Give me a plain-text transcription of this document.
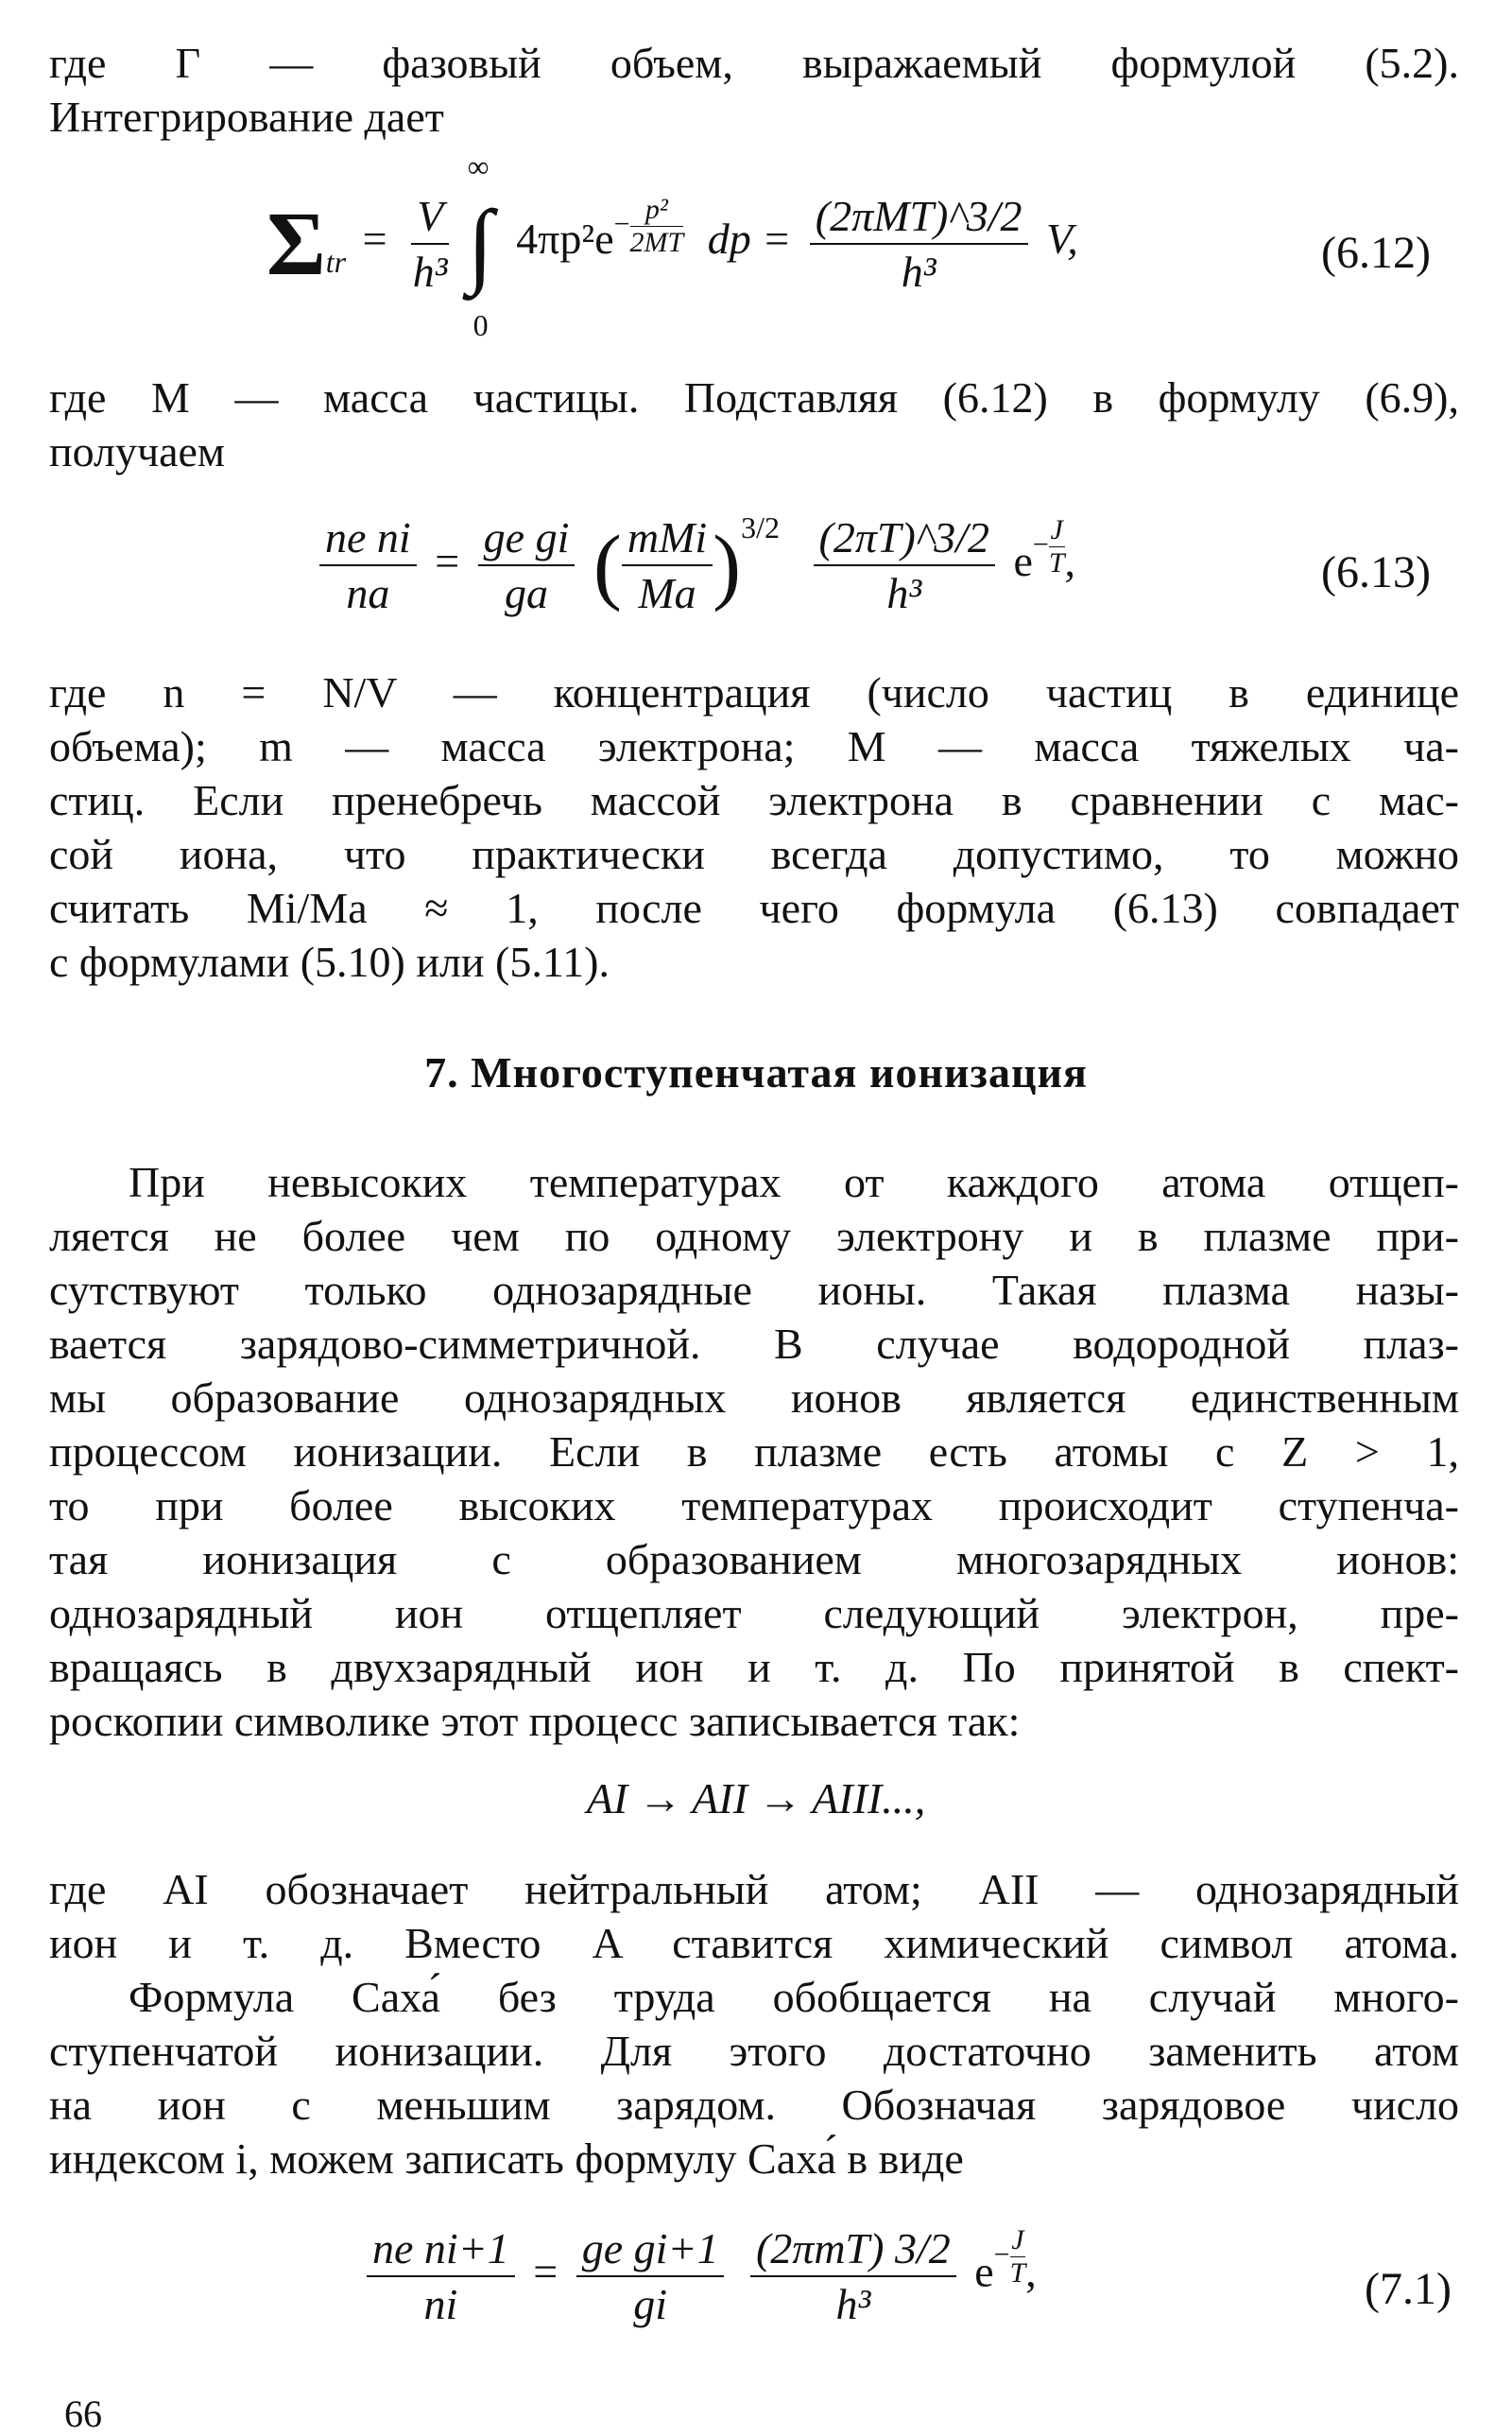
где Г — фазовый объем, выражаемый формулой (5.2).
Интегрирование дает
$\Sigma_{tr} = \frac{V}{\text{h³}}$ ∫
∞
0
$4\pi p^2e- \frac{\text{p²}}{2MT}$ dp = $\frac{\text{(2πMT)\textasciicircum{}3/2}}{\text{h³}} V$,	(6.12)
где M — масса частицы. Подставляя (6.12) в формулу (6.9),
получаем
$\frac{\text{ne ni}}{na} = \frac{\text{ge gi}}{ga}$ ( $\frac{\text{mMi}}{Ma} )^{3/2} \frac{(2\pi T)\^{}3/2}{\text{h³}} e- \frac{J}{T}$ ,	(6.13)
где n = N/V — концентрация (число частиц в единице
объема); m — масса электрона; M — масса тяжелых ча-
стиц. Если пренебречь массой электрона в сравнении с мас-
сой иона, что практически всегда допустимо, то можно
считать Mi/Ma ≈ 1, после чего формула (6.13) совпадает
с формулами (5.10) или (5.11).
7. Многоступенчатая ионизация
При невысоких температурах от каждого атома отщеп-
ляется не более чем по одному электрону и в плазме при-
сутствуют только однозарядные ионы. Такая плазма назы-
вается зарядово-симметричной. В случае водородной плаз-
мы образование однозарядных ионов является единственным
процессом ионизации. Если в плазме есть атомы с Z > 1,
то при более высоких температурах происходит ступенча-
тая ионизация с образованием многозарядных ионов:
однозарядный ион отщепляет следующий электрон, пре-
вращаясь в двухзарядный ион и т. д. По принятой в спект-
роскопии символике этот процесс записывается так:
AI → AII → AIII...,
где AI обозначает нейтральный атом; AII — однозарядный
ион и т. д. Вместо A ставится химический символ атома.
Формула Саха́ без труда обобщается на случай много-
ступенчатой ионизации. Для этого достаточно заменить атом
на ион с меньшим зарядом. Обозначая зарядовое число
индексом i, можем записать формулу Саха́ в виде
$\frac{\text{ne ni+1}}{ni} = \frac{\text{ge gi+1}}{gi}$
$\frac{\text{(2πmT) 3/2}}{\text{h³}} e- \frac{J}{T}$ ,	(7.1)
66
